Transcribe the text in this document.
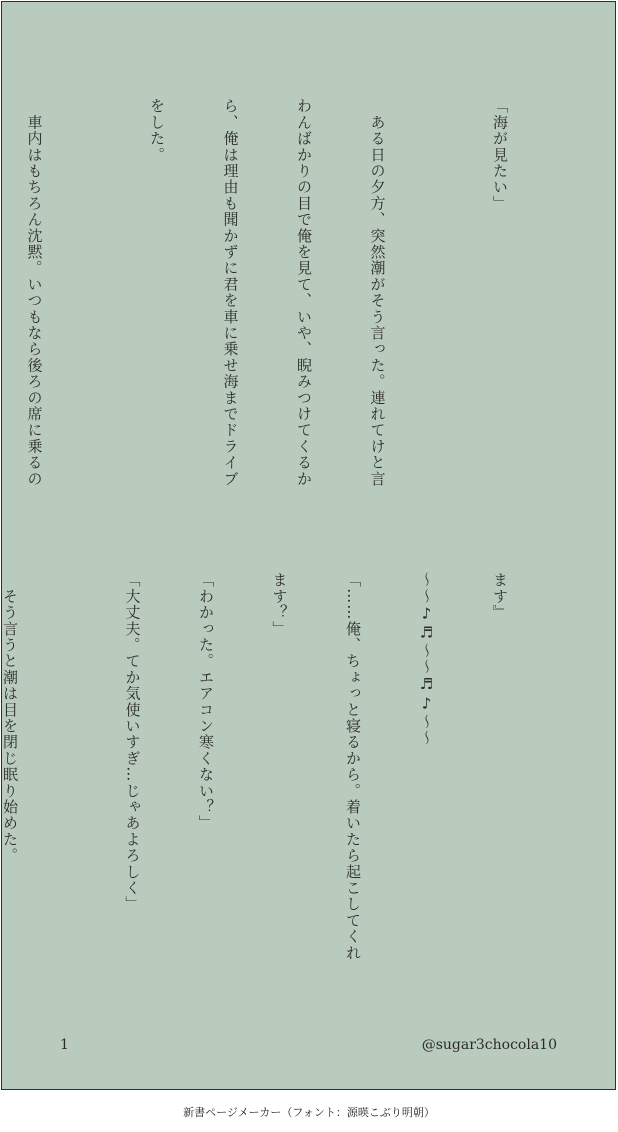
「海が見たい」

　ある日の夕方、突然潮がそう言った。連れてけと言

わんばかりの目で俺を見て、いや、睨みつけてくるか

ら、俺は理由も聞かずに君を車に乗せ海までドライブ

をした。

　車内はもちろん沈黙。いつもなら後ろの席に乗るの

ます』

〜〜♪♬〜〜♬♪〜〜

「……俺、ちょっと寝るから。着いたら起こしてくれ

ます？」

「わかった。エアコン寒くない？」

「大丈夫。てか気使いすぎ…じゃあよろしく」

　そう言うと潮は目を閉じ眠り始めた。

1	@sugar3chocola10
新書ページメーカー（フォント：源暎こぶり明朝）
